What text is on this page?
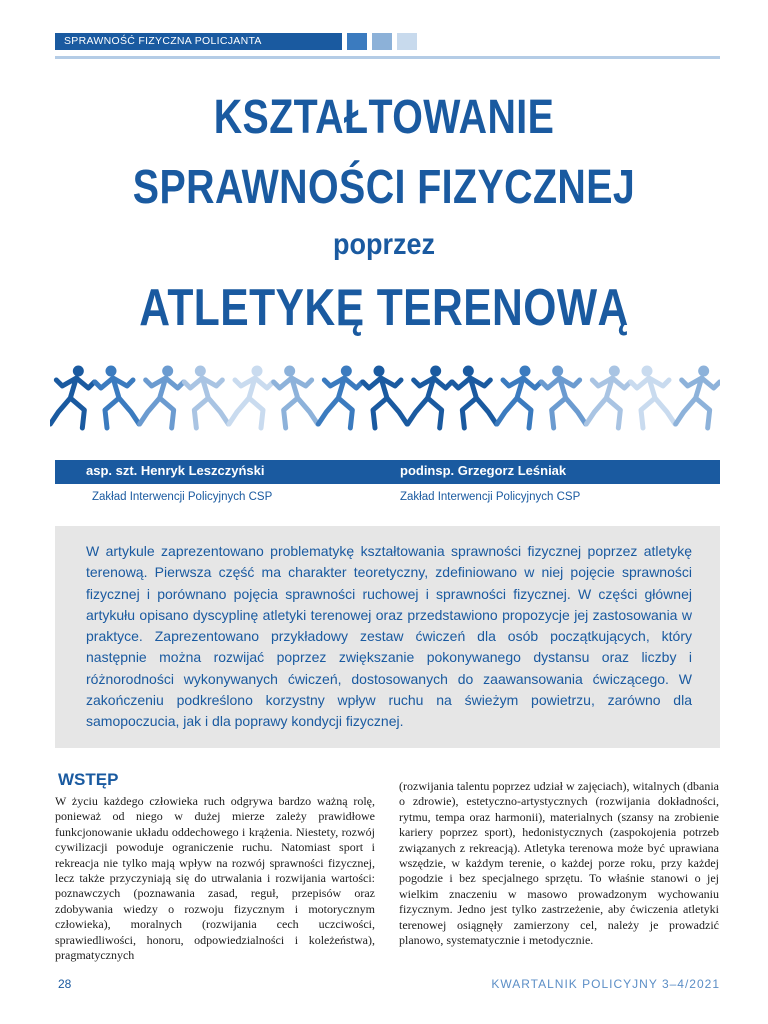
SPRAWNOŚĆ FIZYCZNA POLICJANTA
KSZTAŁTOWANIE
SPRAWNOŚCI FIZYCZNEJ
poprzez
ATLETYKĘ TERENOWĄ
asp. szt. Henryk Leszczyński	podinsp. Grzegorz Leśniak
Zakład Interwencji Policyjnych CSP	Zakład Interwencji Policyjnych CSP
W artykule zaprezentowano problematykę kształtowania sprawności fizycznej poprzez atletykę terenową. Pierwsza część ma charakter teoretyczny, zdefiniowano w niej pojęcie sprawności fizycznej i porównano pojęcia sprawności ruchowej i sprawności fizycznej. W części głównej artykułu opisano dyscyplinę atletyki terenowej oraz przedstawiono propozycje jej zastosowania w praktyce. Zaprezentowano przykładowy zestaw ćwiczeń dla osób początkujących, który następnie można rozwijać poprzez zwiększanie pokonywanego dystansu oraz liczby i różnorodności wykonywanych ćwiczeń, dostosowanych do zaawansowania ćwiczącego. W zakończeniu podkreślono korzystny wpływ ruchu na świeżym powietrzu, zarówno dla samopoczucia, jak i dla poprawy kondycji fizycznej.
WSTĘP
W życiu każdego człowieka ruch odgrywa bardzo ważną rolę, ponieważ od niego w dużej mierze zależy prawidłowe funkcjonowanie układu oddechowego i krążenia. Niestety, rozwój cywilizacji powoduje ograniczenie ruchu. Natomiast sport i rekreacja nie tylko mają wpływ na rozwój sprawności fizycznej, lecz także przyczyniają się do utrwalania i rozwijania wartości: poznawczych (poznawania zasad, reguł, przepisów oraz zdobywania wiedzy o rozwoju fizycznym i motorycznym człowieka), moralnych (rozwijania cech uczciwości, sprawiedliwości, honoru, odpowiedzialności i koleżeństwa), pragmatycznych
(rozwijania talentu poprzez udział w zajęciach), witalnych (dbania o zdrowie), estetyczno-artystycznych (rozwijania dokładności, rytmu, tempa oraz harmonii), materialnych (szansy na zrobienie kariery poprzez sport), hedonistycznych (zaspokojenia potrzeb związanych z rekreacją). Atletyka terenowa może być uprawiana wszędzie, w każdym terenie, o każdej porze roku, przy każdej pogodzie i bez specjalnego sprzętu. To właśnie stanowi o jej wielkim znaczeniu w masowo prowadzonym wychowaniu fizycznym. Jedno jest tylko zastrzeżenie, aby ćwiczenia atletyki terenowej osiągnęły zamierzony cel, należy je prowadzić planowo, systematycznie i metodycznie.
28	KWARTALNIK POLICYJNY 3–4/2021
